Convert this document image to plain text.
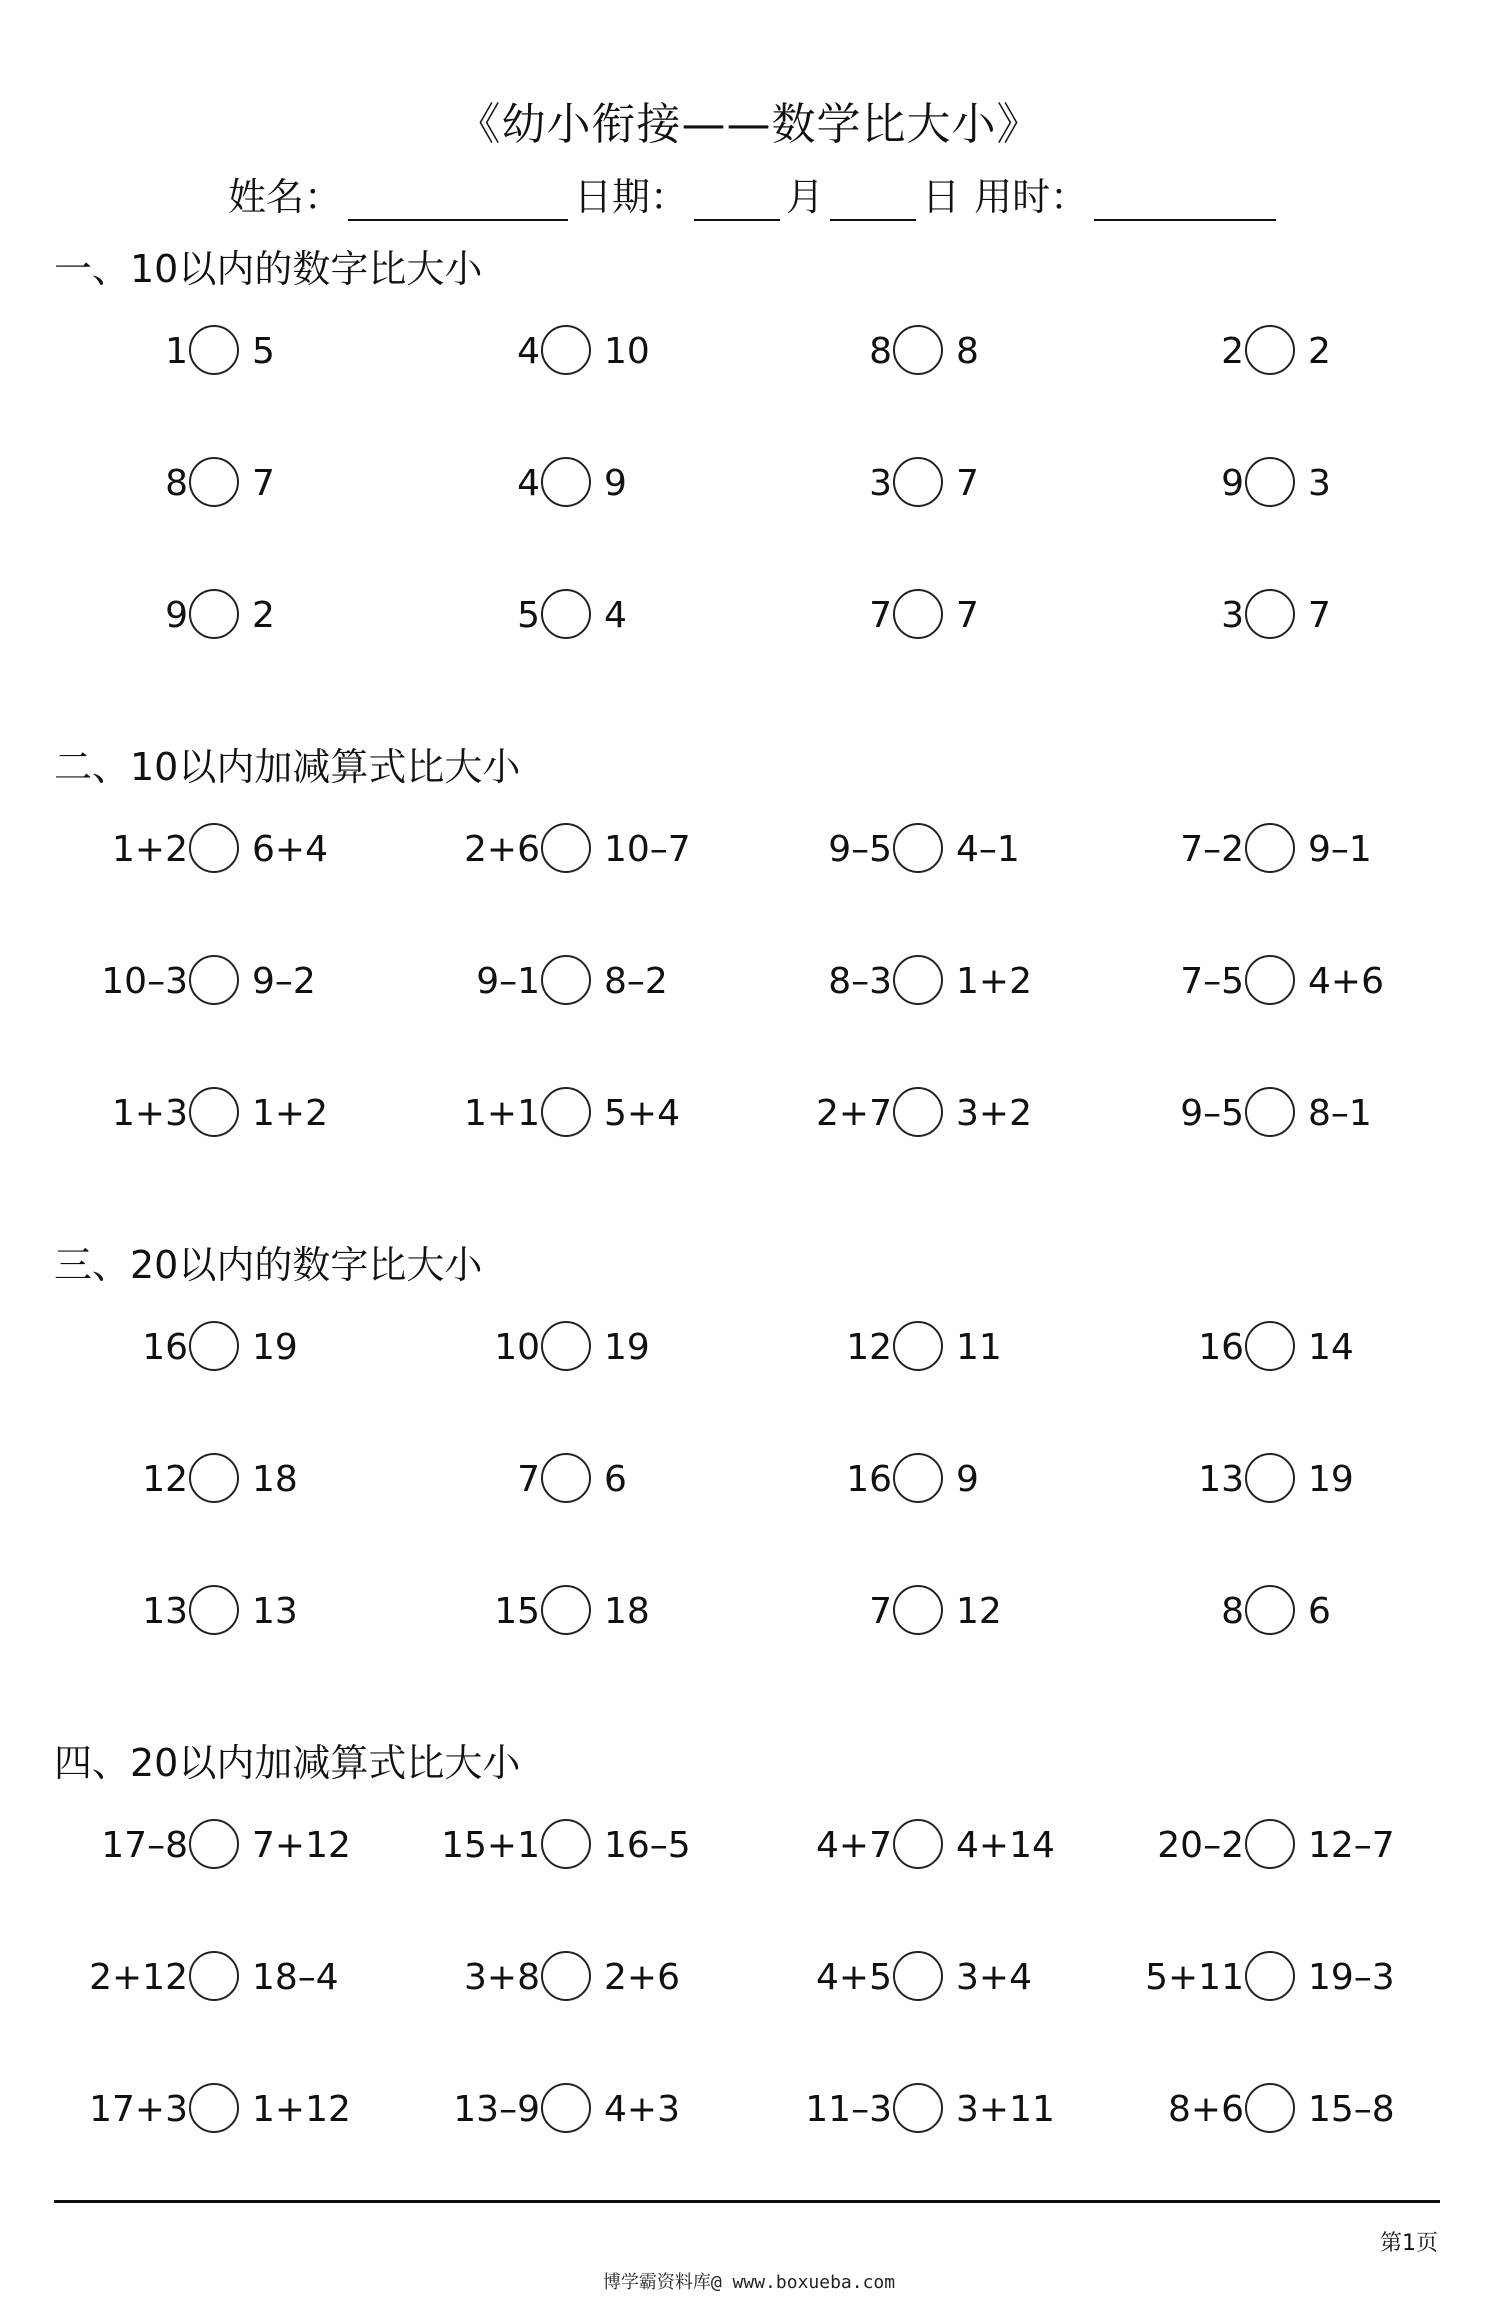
《幼小衔接——数学比大小》
姓名：	日期：	月	日 用时：
一、10以内的数字比大小
1 5	4 10	8 8	2 2
8 7	4 9	3 7	9 3
9 2	5 4	7 7	3 7
二、10以内加减算式比大小
1+2 6+4	2+6 10–7	9–5 4–1	7–2 9–1
10–3 9–2	9–1 8–2	8–3 1+2	7–5 4+6
1+3 1+2	1+1 5+4	2+7 3+2	9–5 8–1
三、20以内的数字比大小
16 19	10 19	12 11	16 14
12 18	7 6	16 9	13 19
13 13	15 18	7 12	8 6
四、20以内加减算式比大小
17–8 7+12	15+1 16–5	4+7 4+14	20–2 12–7
2+12 18–4	3+8 2+6	4+5 3+4	5+11 19–3
17+3 1+12	13–9 4+3	11–3 3+11	8+6 15–8
第1页
博学霸资料库@ www.boxueba.com
